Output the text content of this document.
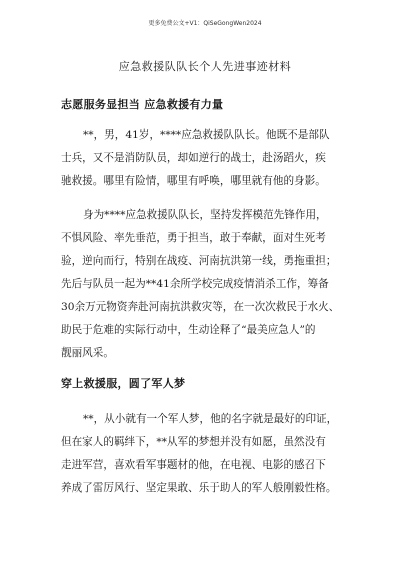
更多免费公文+V1：QiSeGongWen2024
应急救援队队长个人先进事迹材料
志愿服务显担当 应急救援有力量
**，男，41岁，****应急救援队队长。他既不是部队
士兵，又不是消防队员，却如逆行的战士，赴汤蹈火，疾
驰救援。哪里有险情，哪里有呼唤，哪里就有他的身影。
身为****应急救援队队长，坚持发挥模范先锋作用，
不惧风险、率先垂范，勇于担当，敢于奉献，面对生死考
验，逆向而行，特别在战疫、河南抗洪第一线，勇拖重担；
先后与队员一起为**41余所学校完成疫情消杀工作，筹备
30余万元物资奔赴河南抗洪救灾等，在一次次救民于水火、
助民于危难的实际行动中，生动诠释了“最美应急人”的
靓丽风采。
穿上救援服，圆了军人梦
**，从小就有一个军人梦，他的名字就是最好的印证，
但在家人的羁绊下，**从军的梦想并没有如愿，虽然没有
走进军营，喜欢看军事题材的他，在电视、电影的感召下
养成了雷厉风行、坚定果敢、乐于助人的军人般刚毅性格。
